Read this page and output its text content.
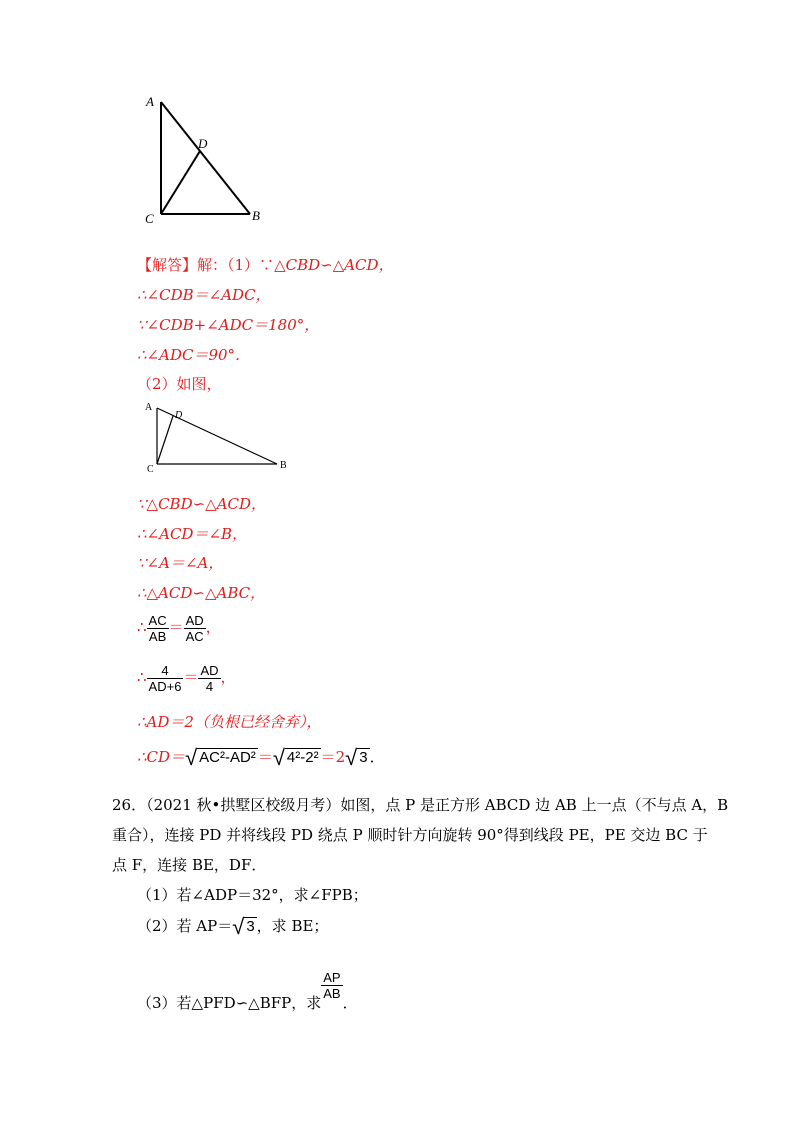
A
D
C	B
【解答】解：（1）∵△CBD∽△ACD，
∴∠CDB＝∠ADC，
∵∠CDB+∠ADC＝180°，
∴∠ADC＝90°．
（2）如图，
A
D
C	B
∵△CBD∽△ACD，
∴∠ACD＝∠B，
∵∠A＝∠A，
∴△ACD∽△ABC，
∴ $\frac{AC}{AB} = \frac{AD}{AC}$ ，
∴ $\frac{4}{AD+6} = \frac{AD}{4}$ ，
∴AD＝2（负根已经舍弃），
∴CD＝√ AC²-AD² ＝√ 4²-2² ＝2√ 3 ．
26．（2021 秋•拱墅区校级月考）如图，点 P 是正方形 ABCD 边 AB 上一点（不与点 A，B
重合），连接 PD 并将线段 PD 绕点 P 顺时针方向旋转 90°得到线段 PE，PE 交边 BC 于
点 F，连接 BE，DF．
（1）若∠ADP＝32°，求∠FPB；
（2）若 AP＝√ 3 ，求 BE；
（3）若△PFD∽△BFP，求
$\frac{AP}{AB}$
．
